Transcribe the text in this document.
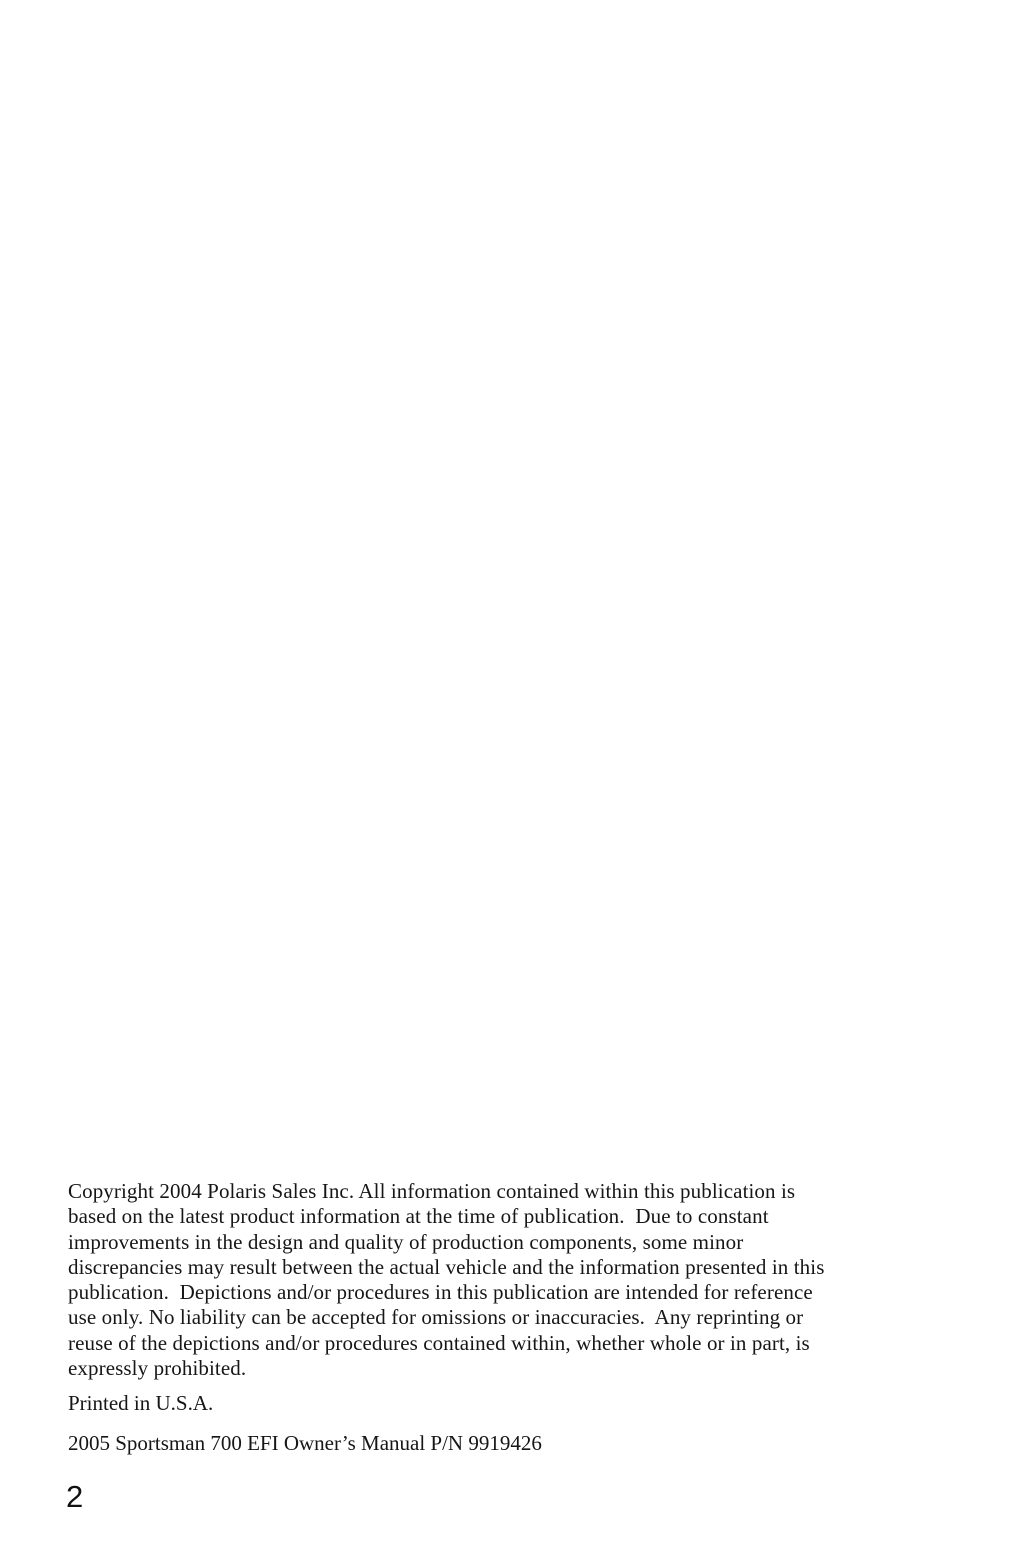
Copyright 2004 Polaris Sales Inc. All information contained within this publication is
based on the latest product information at the time of publication.  Due to constant
improvements in the design and quality of production components, some minor
discrepancies may result between the actual vehicle and the information presented in this
publication.  Depictions and/or procedures in this publication are intended for reference
use only. No liability can be accepted for omissions or inaccuracies.  Any reprinting or
reuse of the depictions and/or procedures contained within, whether whole or in part, is
expressly prohibited.
Printed in U.S.A.
2005 Sportsman 700 EFI Owner’s Manual P/N 9919426
2
